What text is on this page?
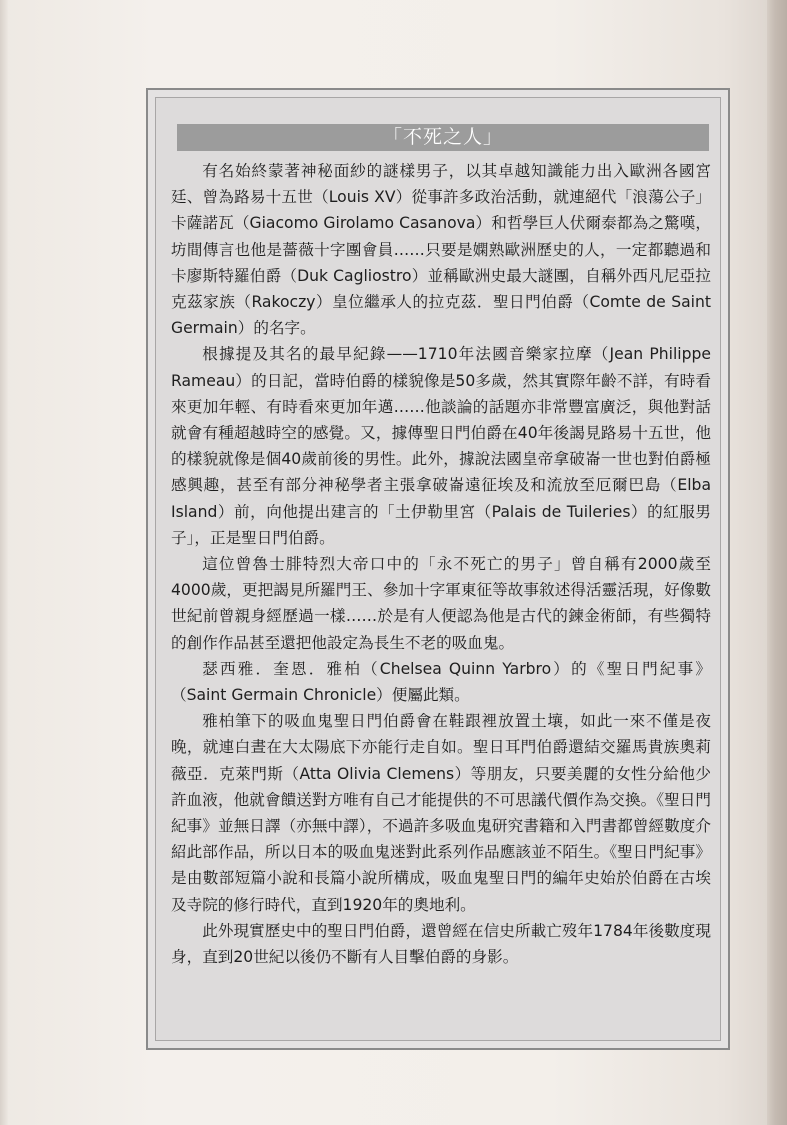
「不死之人」

有名始終蒙著神秘面紗的謎樣男子，以其卓越知識能力出入歐洲各國宮廷、曾為路易十五世（Louis XV）從事許多政治活動，就連絕代「浪蕩公子」卡薩諾瓦（Giacomo Girolamo Casanova）和哲學巨人伏爾泰都為之驚嘆，坊間傳言也他是薔薇十字團會員……只要是嫻熟歐洲歷史的人，一定都聽過和卡廖斯特羅伯爵（Duk Cagliostro）並稱歐洲史最大謎團，自稱外西凡尼亞拉克茲家族（Rakoczy）皇位繼承人的拉克茲．聖日門伯爵（Comte de Saint Germain）的名字。

根據提及其名的最早紀錄——1710年法國音樂家拉摩（Jean Philippe Rameau）的日記，當時伯爵的樣貌像是50多歲，然其實際年齡不詳，有時看來更加年輕、有時看來更加年邁……他談論的話題亦非常豐富廣泛，與他對話就會有種超越時空的感覺。又，據傳聖日門伯爵在40年後謁見路易十五世，他的樣貌就像是個40歲前後的男性。此外，據說法國皇帝拿破崙一世也對伯爵極感興趣，甚至有部分神秘學者主張拿破崙遠征埃及和流放至厄爾巴島（Elba Island）前，向他提出建言的「土伊勒里宮（Palais de Tuileries）的紅服男子」，正是聖日門伯爵。

這位曾魯士腓特烈大帝口中的「永不死亡的男子」曾自稱有2000歲至4000歲，更把謁見所羅門王、參加十字軍東征等故事敘述得活靈活現，好像數世紀前曾親身經歷過一樣……於是有人便認為他是古代的鍊金術師，有些獨特的創作作品甚至還把他設定為長生不老的吸血鬼。

瑟西雅．奎恩．雅柏（Chelsea Quinn Yarbro）的《聖日門紀事》（Saint Germain Chronicle）便屬此類。

雅柏筆下的吸血鬼聖日門伯爵會在鞋跟裡放置土壤，如此一來不僅是夜晚，就連白晝在大太陽底下亦能行走自如。聖日耳門伯爵還結交羅馬貴族奧莉薇亞．克萊門斯（Atta Olivia Clemens）等朋友，只要美麗的女性分給他少許血液，他就會饋送對方唯有自己才能提供的不可思議代價作為交換。《聖日門紀事》並無日譯（亦無中譯），不過許多吸血鬼研究書籍和入門書都曾經數度介紹此部作品，所以日本的吸血鬼迷對此系列作品應該並不陌生。《聖日門紀事》是由數部短篇小說和長篇小說所構成，吸血鬼聖日門的編年史始於伯爵在古埃及寺院的修行時代，直到1920年的奧地利。

此外現實歷史中的聖日門伯爵，還曾經在信史所載亡歿年1784年後數度現身，直到20世紀以後仍不斷有人目擊伯爵的身影。
